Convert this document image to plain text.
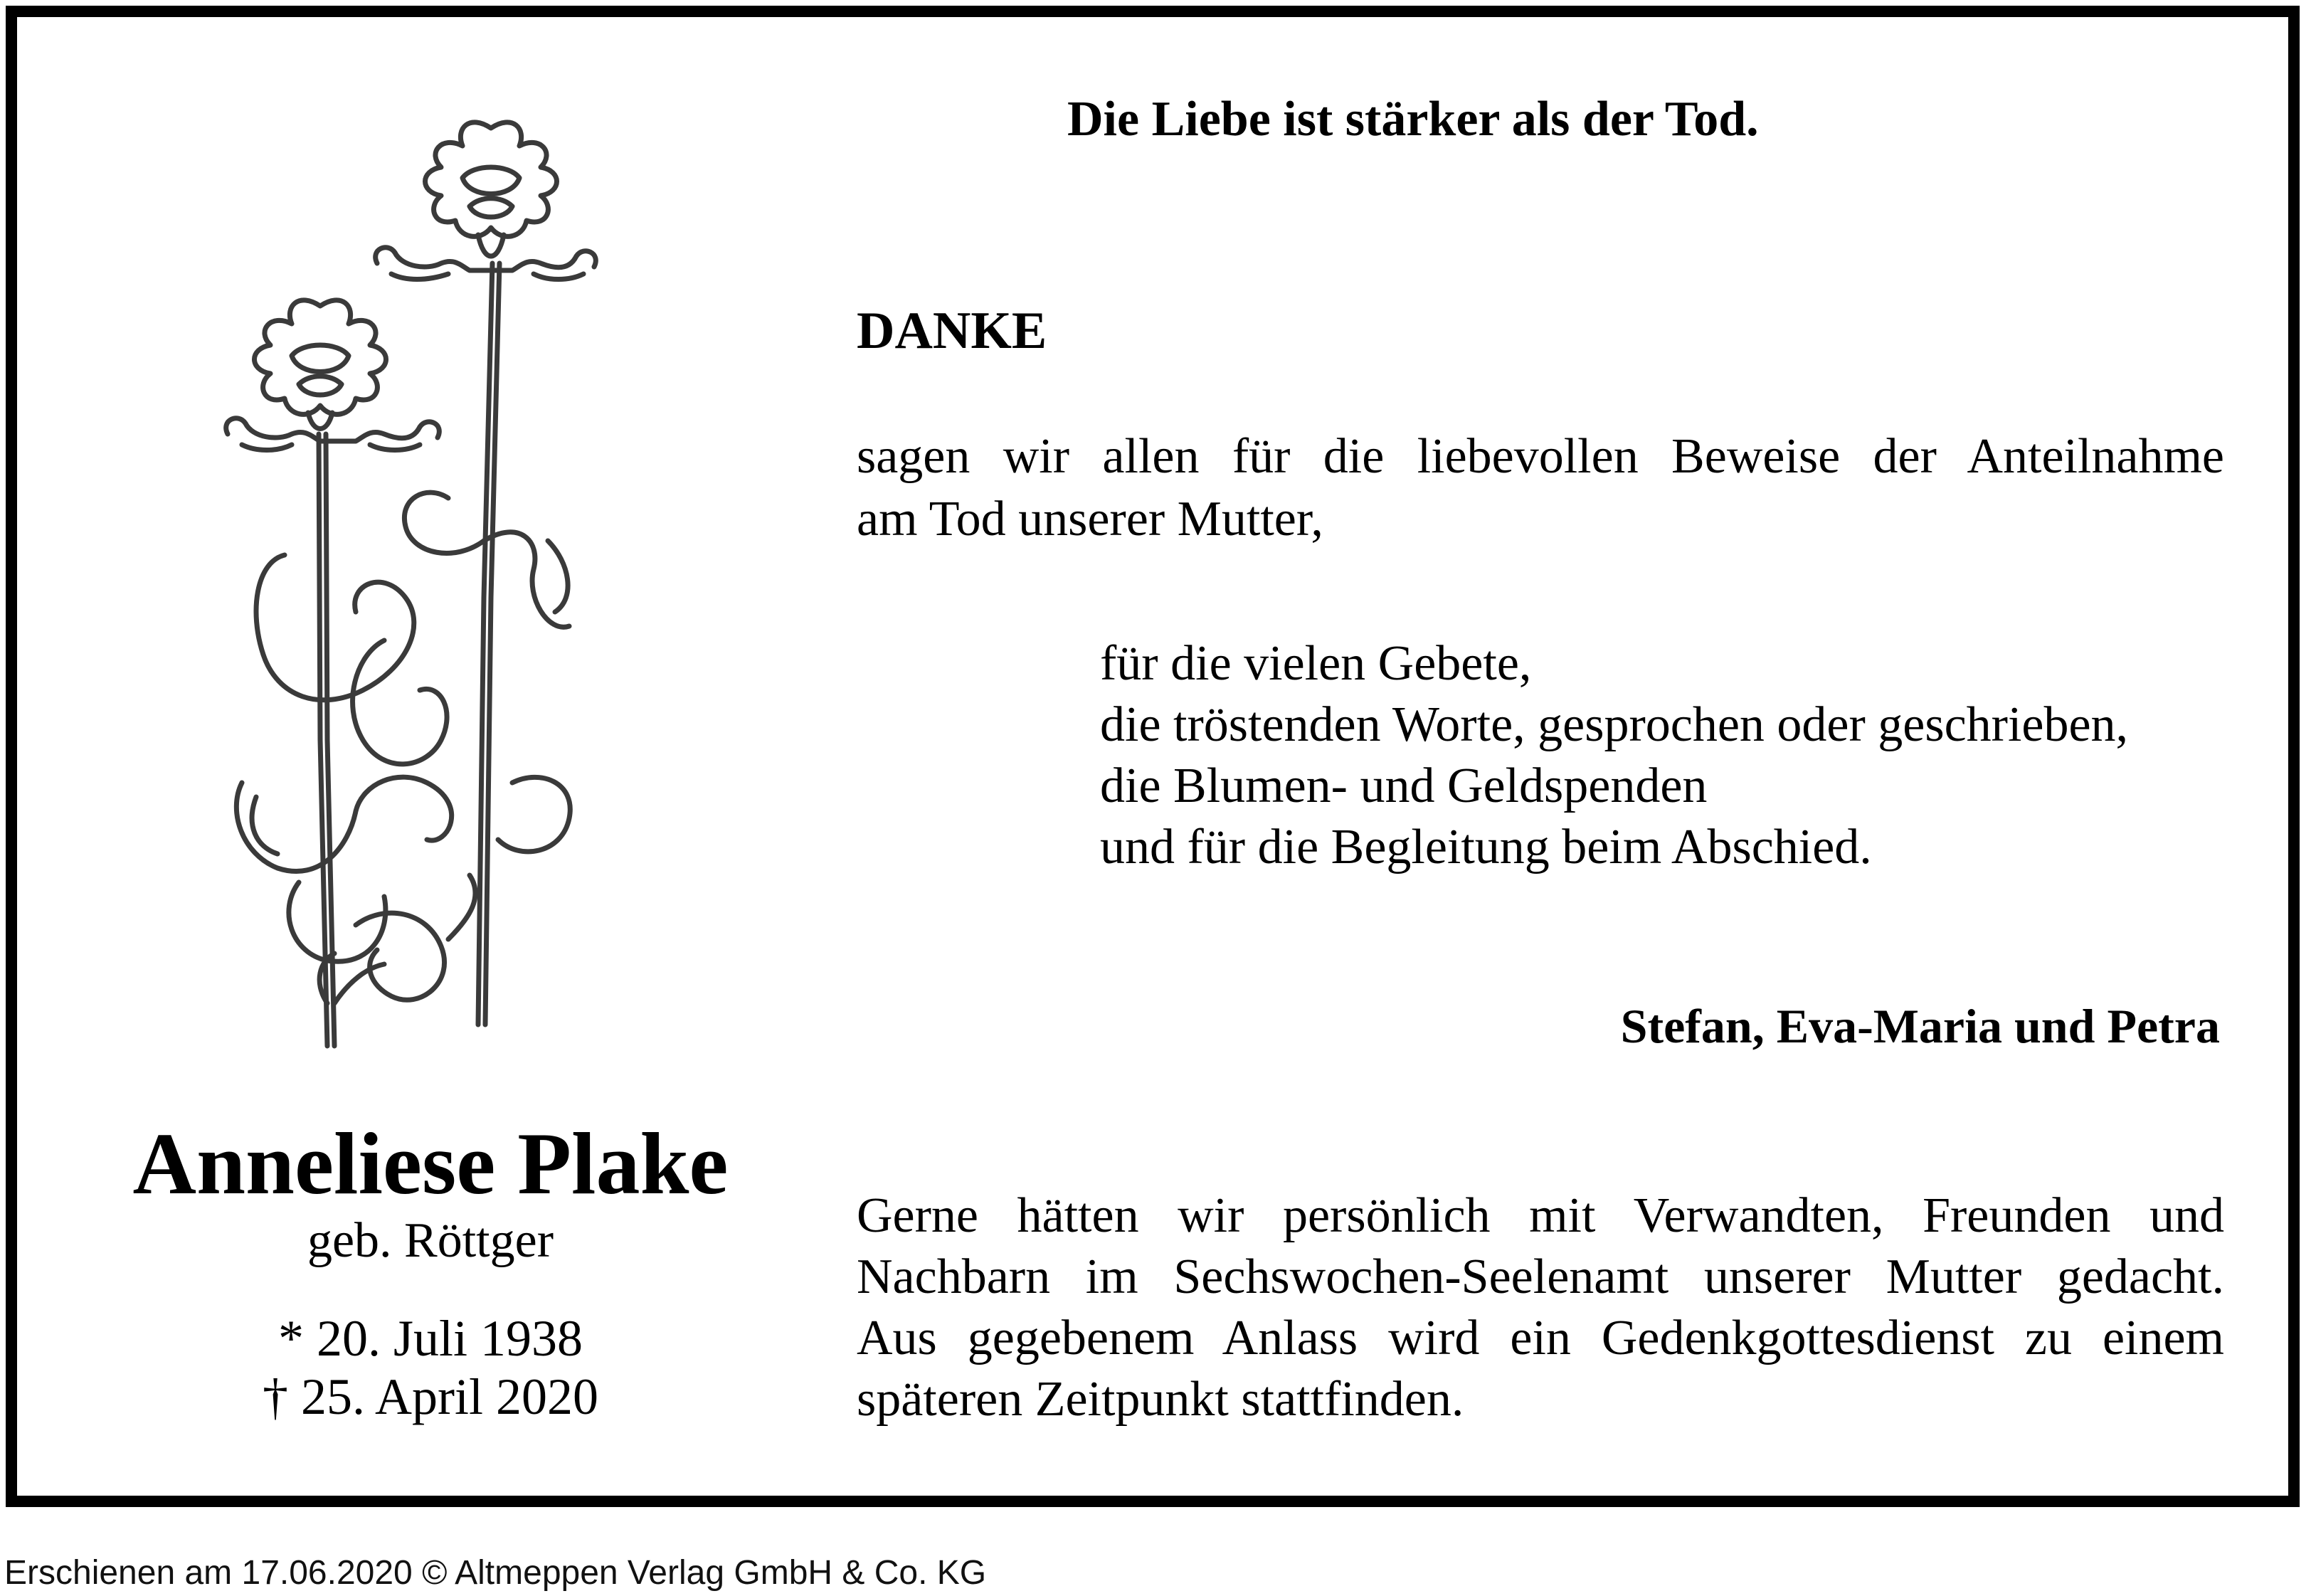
Die Liebe ist stärker als der Tod.
DANKE
sagen wir allen für die liebevollen Beweise der Anteilnahme
am Tod unserer Mutter,
für die vielen Gebete,
die tröstenden Worte, gesprochen oder geschrieben,
die Blumen- und Geldspenden
und für die Begleitung beim Abschied.
Stefan, Eva-Maria und Petra
Gerne hätten wir persönlich mit Verwandten, Freunden und
Nachbarn im Sechswochen-Seelenamt unserer Mutter gedacht.
Aus gegebenem Anlass wird ein Gedenkgottesdienst zu einem
späteren Zeitpunkt stattfinden.
Anneliese Plake
geb. Röttger
* 20. Juli 1938
† 25. April 2020
Erschienen am 17.06.2020 © Altmeppen Verlag GmbH & Co. KG
